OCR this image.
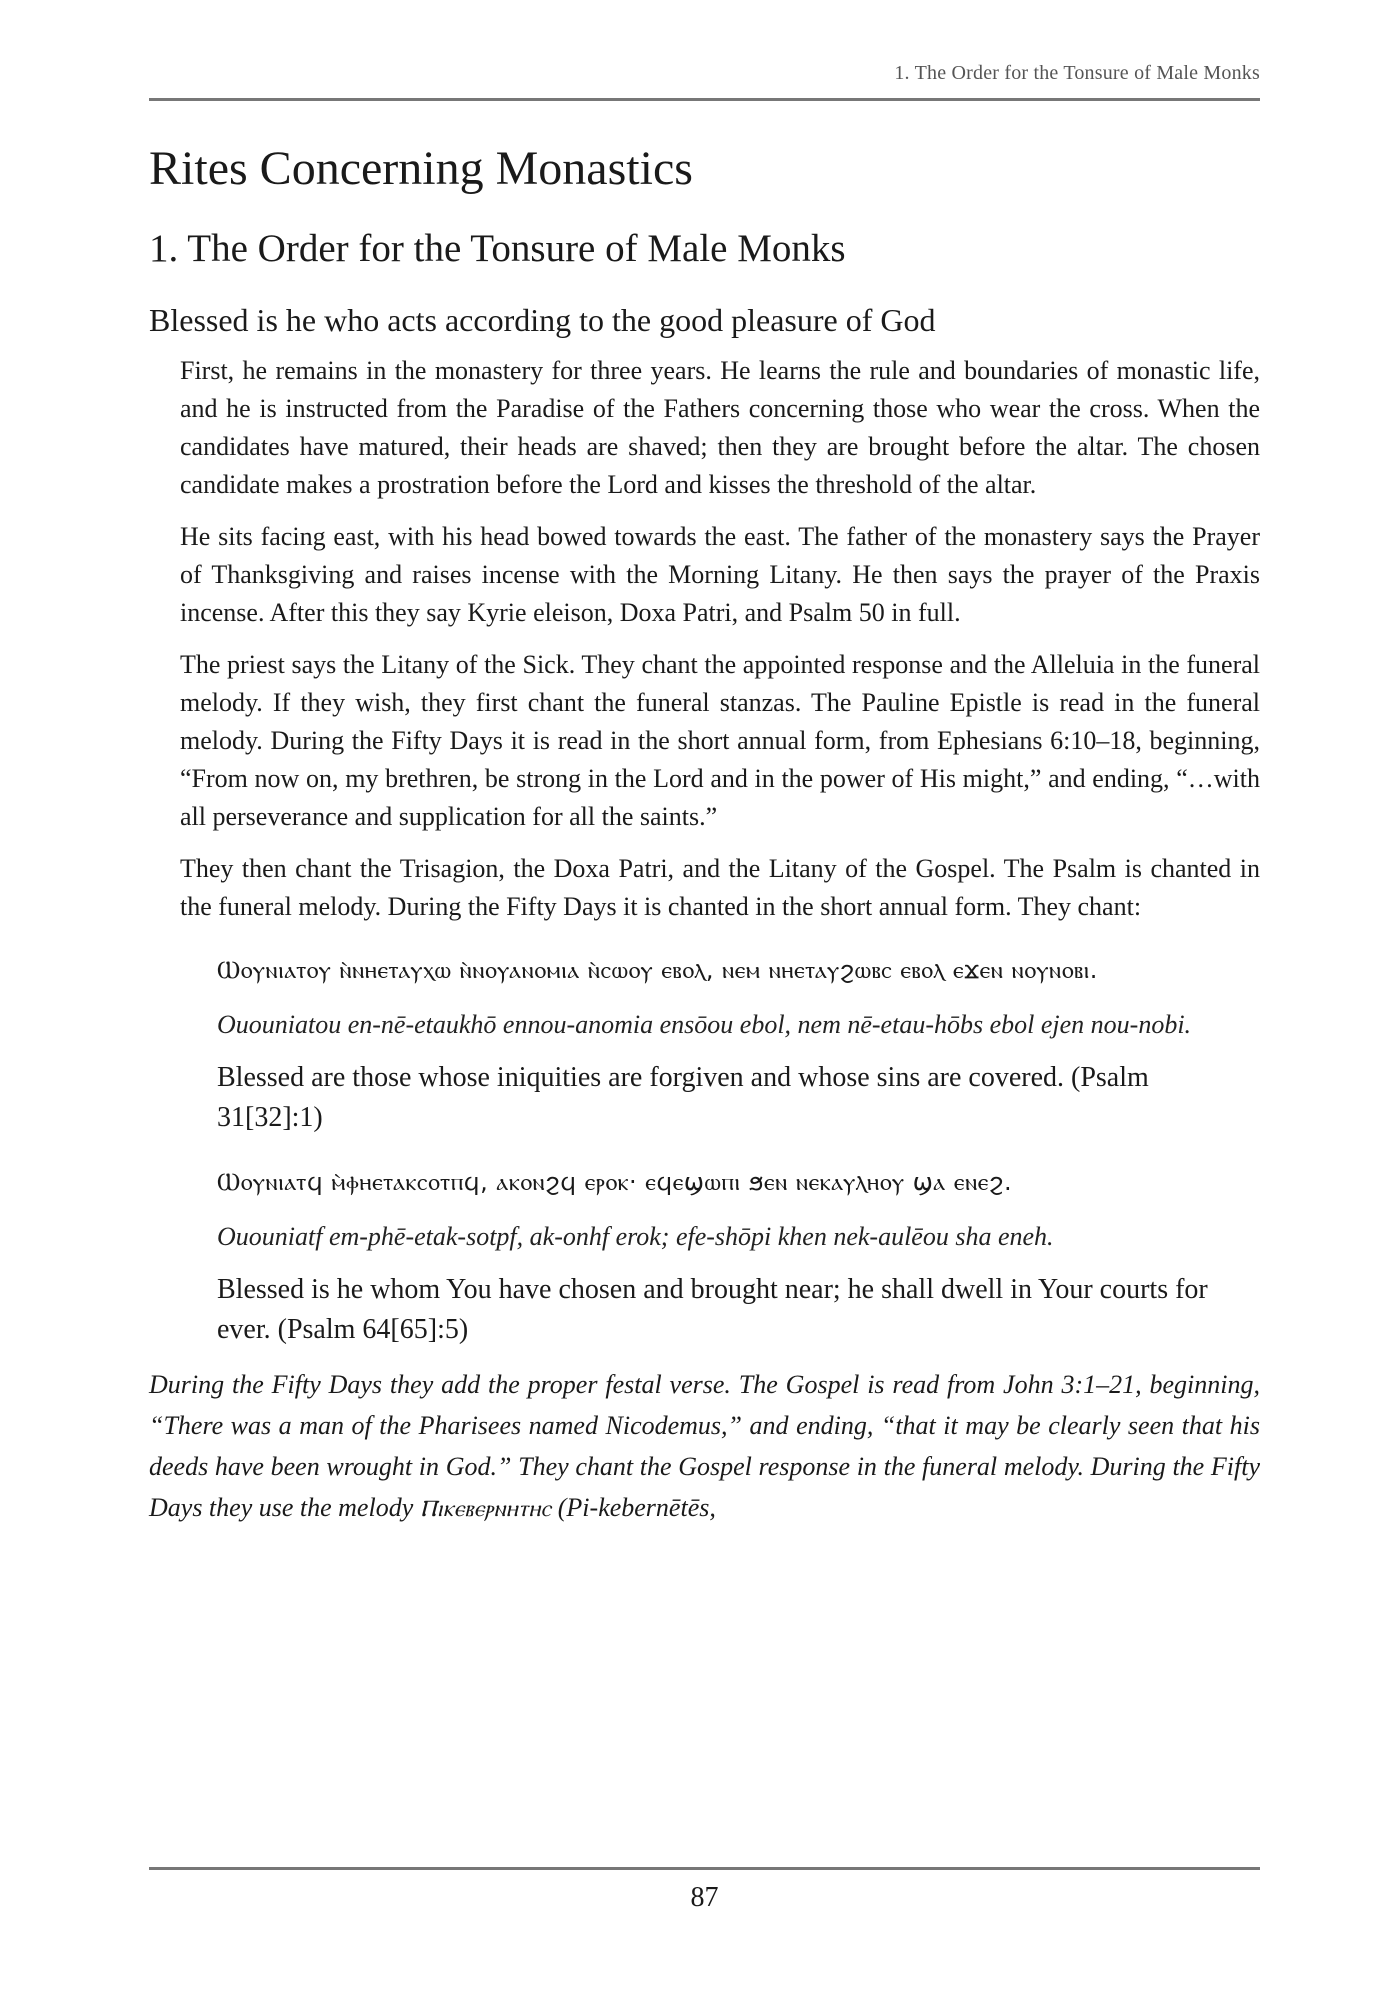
1. The Order for the Tonsure of Male Monks
Rites Concerning Monastics
1. The Order for the Tonsure of Male Monks
Blessed is he who acts according to the good pleasure of God

First, he remains in the monastery for three years. He learns the rule and boundaries of monastic life, and he is instructed from the Paradise of the Fathers concerning those who wear the cross. When the candidates have matured, their heads are shaved; then they are brought before the altar. The chosen candidate makes a prostration before the Lord and kisses the threshold of the altar.

He sits facing east, with his head bowed towards the east. The father of the monastery says the Prayer of Thanksgiving and raises incense with the Morning Litany. He then says the prayer of the Praxis incense. After this they say Kyrie eleison, Doxa Patri, and Psalm 50 in full.

The priest says the Litany of the Sick. They chant the appointed response and the Alleluia in the funeral melody. If they wish, they first chant the funeral stanzas. The Pauline Epistle is read in the funeral melody. During the Fifty Days it is read in the short annual form, from Ephesians 6:10–18, beginning, “From now on, my brethren, be strong in the Lord and in the power of His might,” and ending, “…with all perseverance and supplication for all the saints.”

They then chant the Trisagion, the Doxa Patri, and the Litany of the Gospel. The Psalm is chanted in the funeral melody. During the Fifty Days it is chanted in the short annual form. They chant:

Ⲱⲟⲩⲛⲓⲁⲧⲟⲩ ⲛ̀ⲛⲏⲉⲧⲁⲩⲭⲱ ⲛ̀ⲛⲟⲩⲁⲛⲟⲙⲓⲁ ⲛ̀ⲥⲱⲟⲩ ⲉⲃⲟⲗ, ⲛⲉⲙ ⲛⲏⲉⲧⲁⲩϩⲱⲃⲥ ⲉⲃⲟⲗ ⲉϫⲉⲛ ⲛⲟⲩⲛⲟⲃⲓ.

Ououniatou en-nē-etaukhō ennou-anomia ensōou ebol, nem nē-etau-hōbs ebol ejen nou-nobi.

Blessed are those whose iniquities are forgiven and whose sins are covered. (Psalm 31[32]:1)

Ⲱⲟⲩⲛⲓⲁⲧϥ ⲙ̀ⲫⲏⲉⲧⲁⲕⲥⲟⲧⲡϥ, ⲁⲕⲟⲛϩϥ ⲉⲣⲟⲕ· ⲉϥⲉϣⲱⲡⲓ ϧⲉⲛ ⲛⲉⲕⲁⲩⲗⲏⲟⲩ ϣⲁ ⲉⲛⲉϩ.

Ououniatf em-phē-etak-sotpf, ak-onhf erok; efe-shōpi khen nek-aulēou sha eneh.

Blessed is he whom You have chosen and brought near; he shall dwell in Your courts for ever. (Psalm 64[65]:5)

During the Fifty Days they add the proper festal verse. The Gospel is read from John 3:1–21, beginning, “There was a man of the Pharisees named Nicodemus,” and ending, “that it may be clearly seen that his deeds have been wrought in God.” They chant the Gospel response in the funeral melody. During the Fifty Days they use the melody Ⲡⲓⲕⲉⲃⲉⲣⲛⲏⲧⲏⲥ (Pi-kebernētēs,

87
